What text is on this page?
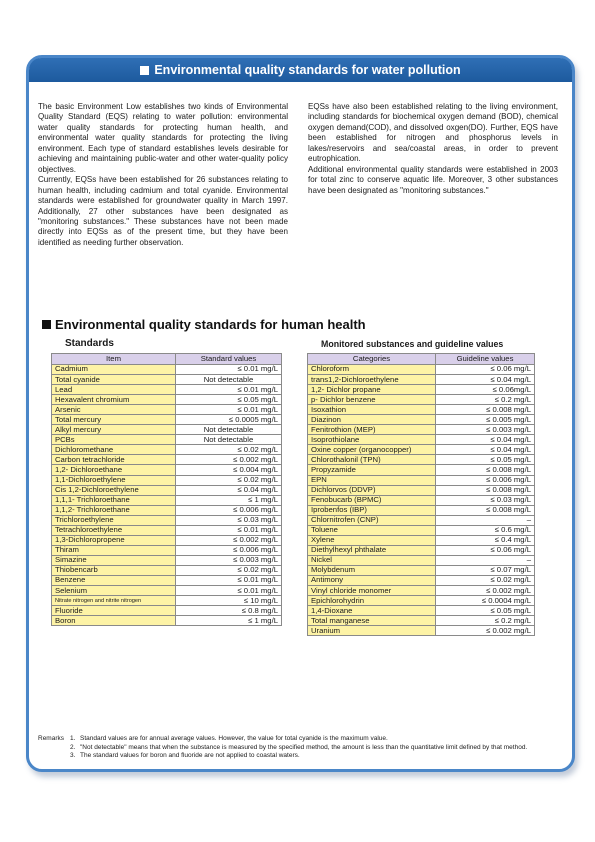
Environmental quality standards for water pollution

The basic Environment Low establishes two kinds of Environmental Quality Standard (EQS) relating to water pollution: environmental water quality standards for protecting human health, and environmental water quality standards for protecting the living environment. Each type of standard establishes levels desirable for achieving and maintaining public-water and other water-quality policy objectives.

Currently, EQSs have been established for 26 substances relating to human health, including cadmium and total cyanide. Environmental standards were established for groundwater quality in March 1997. Additionally, 27 other substances have been designated as "monitoring substances." These substances have not been made directly into EQSs as of the present time, but they have been identified as needing further observation.

EQSs have also been established relating to the living environment, including standards for biochemical oxygen demand (BOD), chemical oxygen demand(COD), and dissolved oxgen(DO). Further, EQS have been established for nitrogen and phosphorus levels in lakes/reservoirs and sea/coastal areas, in order to prevent eutrophication.

Additional environmental quality standards were established in 2003 for total zinc to conserve aquatic life. Moreover, 3 other substances have been designated as "monitoring substances."

Environmental quality standards for human health
Standards	Monitored substances and guideline values
Item	Standard values
Cadmium	≤ 0.01 mg/L
Total cyanide	Not detectable
Lead	≤ 0.01 mg/L
Hexavalent chromium	≤ 0.05 mg/L
Arsenic	≤ 0.01 mg/L
Total mercury	≤ 0.0005 mg/L
Alkyl mercury	Not detectable
PCBs	Not detectable
Dichloromethane	≤ 0.02 mg/L
Carbon tetrachloride	≤ 0.002 mg/L
1,2- Dichloroethane	≤ 0.004 mg/L
1,1-Dichloroethylene	≤ 0.02 mg/L
Cis 1,2-Dichloroethylene	≤ 0.04 mg/L
1,1,1- Trichloroethane	≤ 1 mg/L
1,1,2- Trichloroethane	≤ 0.006 mg/L
Trichloroethylene	≤ 0.03 mg/L
Tetrachloroethylene	≤ 0.01 mg/L
1,3-Dichloropropene	≤ 0.002 mg/L
Thiram	≤ 0.006 mg/L
Simazine	≤ 0.003 mg/L
Thiobencarb	≤ 0.02 mg/L
Benzene	≤ 0.01 mg/L
Selenium	≤ 0.01 mg/L
Nitrate nitrogen and nitrite nitrogen	≤ 10 mg/L
Fluoride	≤ 0.8 mg/L
Boron	≤ 1 mg/L
Categories	Guideline values
Chloroform	≤ 0.06 mg/L
trans1,2-Dichloroethylene	≤ 0.04 mg/L
1,2- Dichlor propane	≤ 0.06mg/L
p- Dichlor benzene	≤ 0.2 mg/L
Isoxathion	≤ 0.008 mg/L
Diazinon	≤ 0.005 mg/L
Fenitrothion (MEP)	≤ 0.003 mg/L
Isoprothiolane	≤ 0.04 mg/L
Oxine copper (organocopper)	≤ 0.04 mg/L
Chlorothalonil (TPN)	≤ 0.05 mg/L
Propyzamide	≤ 0.008 mg/L
EPN	≤ 0.006 mg/L
Dichlorvos (DDVP)	≤ 0.008 mg/L
Fenobucarb (BPMC)	≤ 0.03 mg/L
Iprobenfos (IBP)	≤ 0.008 mg/L
Chlornitrofen (CNP)	–
Toluene	≤ 0.6 mg/L
Xylene	≤ 0.4 mg/L
Diethylhexyl phthalate	≤ 0.06 mg/L
Nickel	–
Molybdenum	≤ 0.07 mg/L
Antimony	≤ 0.02 mg/L
Vinyl chloride monomer	≤ 0.002 mg/L
Epichlorohydrin	≤ 0.0004 mg/L
1,4-Dioxane	≤ 0.05 mg/L
Total manganese	≤ 0.2 mg/L
Uranium	≤ 0.002 mg/L
Remarks 1. Standard values are for annual average values. However, the value for total cyanide is the maximum value.
2. "Not detectable" means that when the substance is measured by the specified method, the amount is less than the quantitative limit defined by that method.
3. The standard values for boron and fluoride are not applied to coastal waters.
